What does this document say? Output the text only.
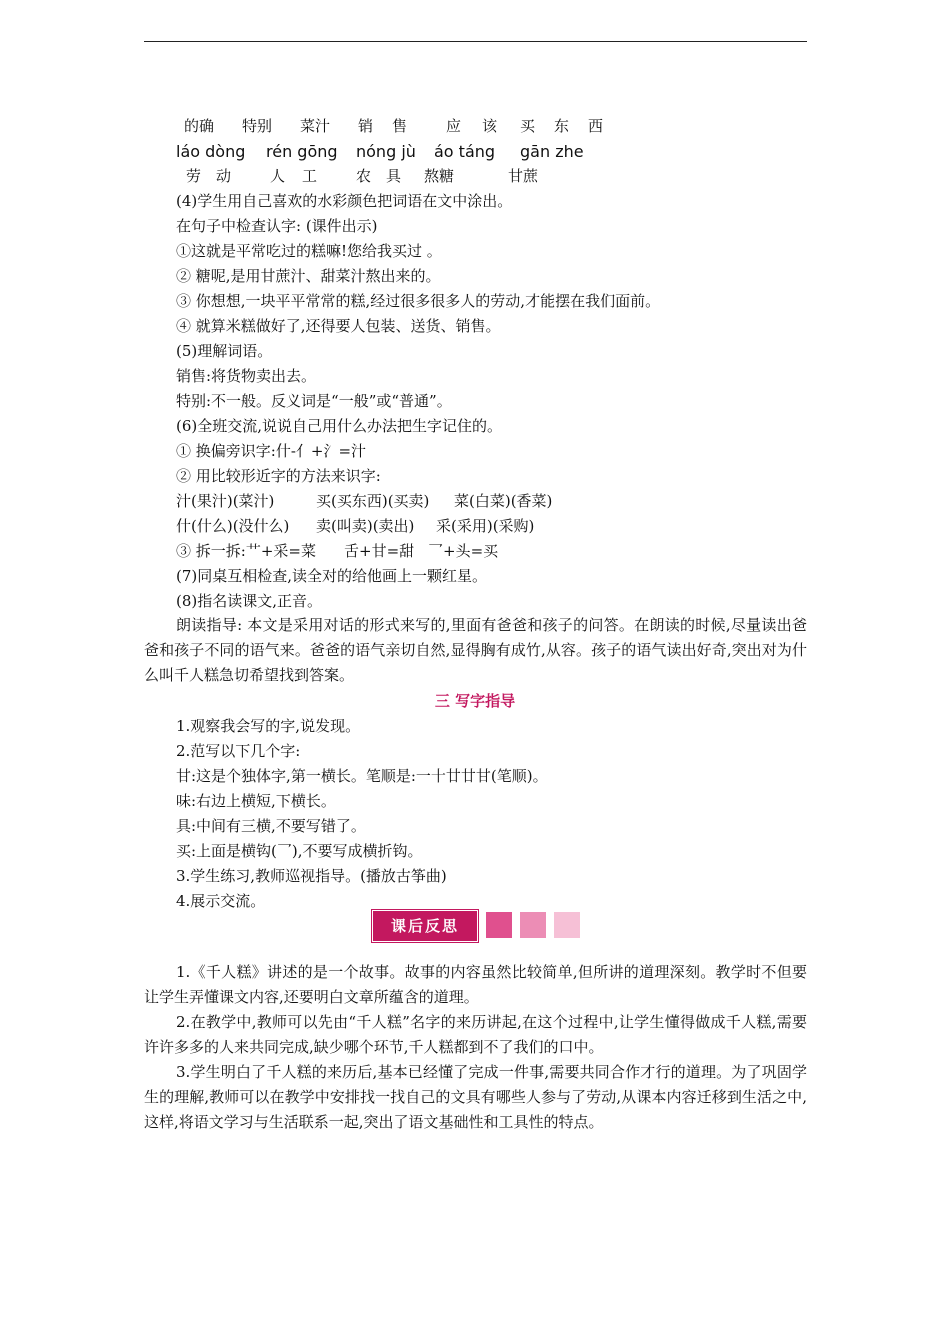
的确 特别 菜汁 销 售	应 该 买 东 西
láo dòng rén gōng nóng jù áo táng gān zhe
劳 动	人 工	农 具 熬糖	甘蔗
(4)学生用自己喜欢的水彩颜色把词语在文中涂出。
在句子中检查认字: (课件出示)
①这就是平常吃过的糕嘛!您给我买过 。
② 糖呢,是用甘蔗汁、甜菜汁熬出来的。
③ 你想想,一块平平常常的糕,经过很多很多人的劳动,才能摆在我们面前。
④ 就算米糕做好了,还得要人包装、送货、销售。
(5)理解词语。
销售:将货物卖出去。
特别:不一般。反义词是“一般”或“普通”。
(6)全班交流,说说自己用什么办法把生字记住的。
① 换偏旁识字:什-亻+氵=汁
② 用比较形近字的方法来识字:
汁(果汁)(菜汁)	买(买东西)(买卖) 菜(白菜)(香菜)
什(什么)(没什么) 卖(叫卖)(卖出) 采(采用)(采购)
③ 拆一拆:艹+采=菜 舌+甘=甜 乛+头=买
(7)同桌互相检查,读全对的给他画上一颗红星。
(8)指名读课文,正音。
朗读指导: 本文是采用对话的形式来写的,里面有爸爸和孩子的问答。在朗读的时候,尽量读出爸爸和孩子不同的语气来。爸爸的语气亲切自然,显得胸有成竹,从容。孩子的语气读出好奇,突出对为什么叫千人糕急切希望找到答案。
三 写字指导
1.观察我会写的字,说发现。
2.范写以下几个字:
甘:这是个独体字,第一横长。笔顺是:一十廿廿甘(笔顺)。
味:右边上横短,下横长。
具:中间有三横,不要写错了。
买:上面是横钩(乛),不要写成横折钩。
3.学生练习,教师巡视指导。(播放古筝曲)
4.展示交流。
课后反思
1.《千人糕》讲述的是一个故事。故事的内容虽然比较简单,但所讲的道理深刻。教学时不但要让学生弄懂课文内容,还要明白文章所蕴含的道理。
2.在教学中,教师可以先由“千人糕”名字的来历讲起,在这个过程中,让学生懂得做成千人糕,需要许许多多的人来共同完成,缺少哪个环节,千人糕都到不了我们的口中。
3.学生明白了千人糕的来历后,基本已经懂了完成一件事,需要共同合作才行的道理。为了巩固学生的理解,教师可以在教学中安排找一找自己的文具有哪些人参与了劳动,从课本内容迁移到生活之中,这样,将语文学习与生活联系一起,突出了语文基础性和工具性的特点。
